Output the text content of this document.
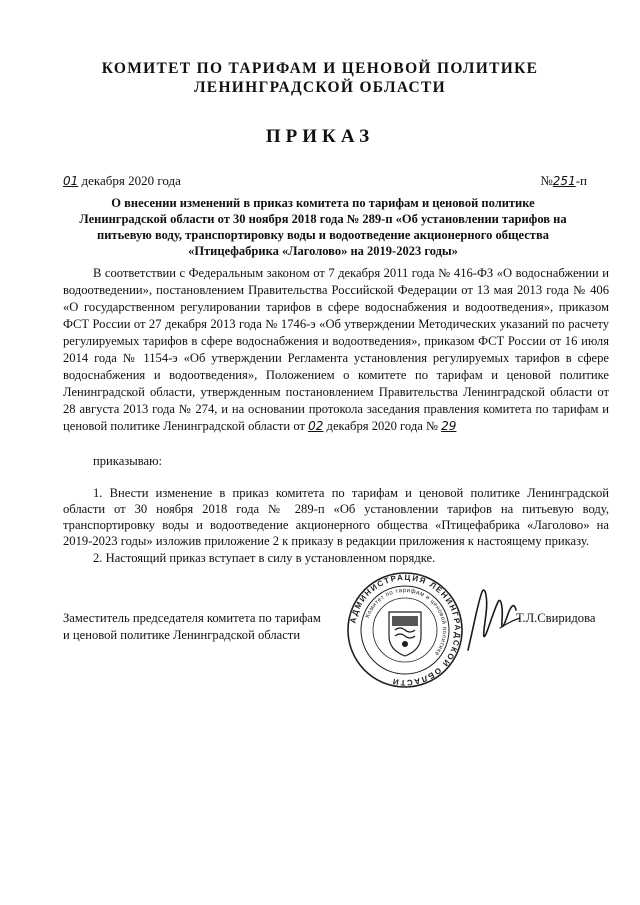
КОМИТЕТ ПО ТАРИФАМ И ЦЕНОВОЙ ПОЛИТИКЕ
ЛЕНИНГРАДСКОЙ ОБЛАСТИ
ПРИКАЗ
01 декабря 2020 года	№251-п
О внесении изменений в приказ комитета по тарифам и ценовой политике Ленинградской области от 30 ноября 2018 года № 289-п «Об установлении тарифов на питьевую воду, транспортировку воды и водоотведение акционерного общества «Птицефабрика «Лаголово» на 2019-2023 годы»

В соответствии с Федеральным законом от 7 декабря 2011 года № 416-ФЗ «О водоснабжении и водоотведении», постановлением Правительства Российской Федерации от 13 мая 2013 года № 406 «О государственном регулировании тарифов в сфере водоснабжения и водоотведения», приказом ФСТ России от 27 декабря 2013 года № 1746-э «Об утверждении Методических указаний по расчету регулируемых тарифов в сфере водоснабжения и водоотведения», приказом ФСТ России от 16 июля 2014 года № 1154-э «Об утверждении Регламента установления регулируемых тарифов в сфере водоснабжения и водоотведения», Положением о комитете по тарифам и ценовой политике Ленинградской области, утвержденным постановлением Правительства Ленинградской области от 28 августа 2013 года № 274, и на основании протокола заседания правления комитета по тарифам и ценовой политике Ленинградской области от 02 декабря 2020 года № 29

приказываю:

1. Внести изменение в приказ комитета по тарифам и ценовой политике Ленинградской области от 30 ноября 2018 года № 289-п «Об установлении тарифов на питьевую воду, транспортировку воды и водоотведение акционерного общества «Птицефабрика «Лаголово» на 2019-2023 годы» изложив приложение 2 к приказу в редакции приложения к настоящему приказу.

2. Настоящий приказ вступает в силу в установленном порядке.

Заместитель председателя комитета по тарифам
и ценовой политике Ленинградской области
АДМИНИСТРАЦИЯ ЛЕНИНГРАДСКОЙ ОБЛАСТИ
Комитет по тарифам и ценовой политике
Т.Л.Свиридова
